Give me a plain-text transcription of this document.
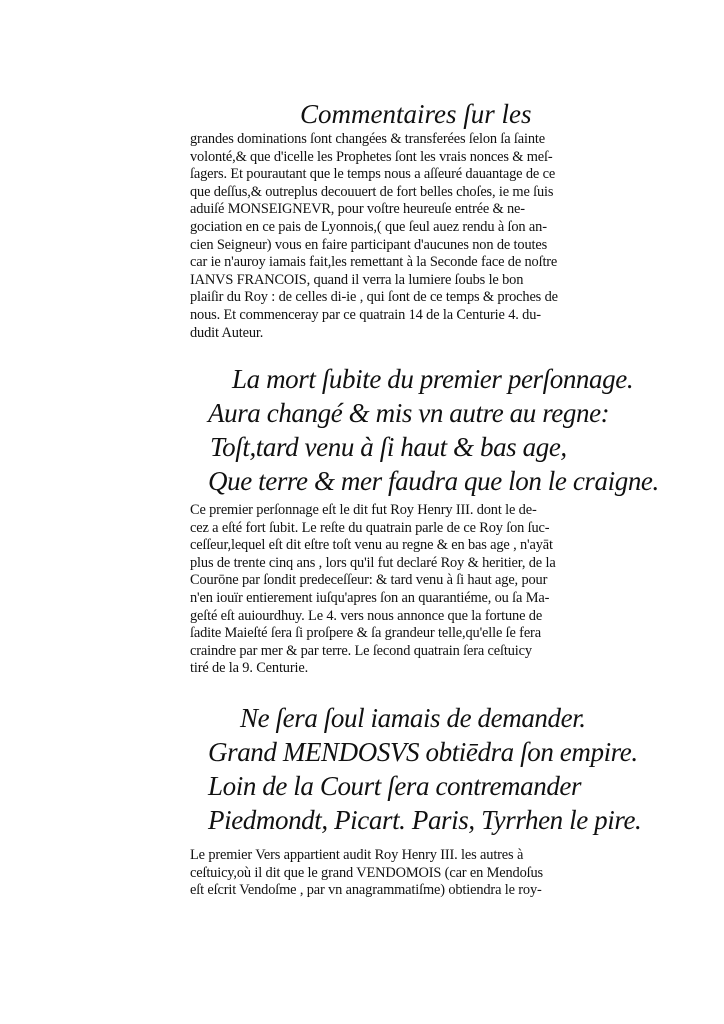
Commentaires ſur les
grandes dominations ſont changées & transferées ſelon ſa ſainte
volonté,& que d'icelle les Prophetes ſont les vrais nonces & meſ-
ſagers. Et pourautant que le temps nous a aſſeuré dauantage de ce
que deſſus,& outreplus decouuert de fort belles choſes, ie me ſuis
aduiſé MONSEIGNEVR, pour voſtre heureuſe entrée & ne-
gociation en ce pais de Lyonnois,( que ſeul auez rendu à ſon an-
cien Seigneur) vous en faire participant d'aucunes non de toutes
car ie n'auroy iamais fait,les remettant à la Seconde face de noſtre
IANVS FRANCOIS, quand il verra la lumiere ſoubs le bon
plaiſir du Roy : de celles di-ie , qui ſont de ce temps & proches de
nous. Et commenceray par ce quatrain 14 de la Centurie 4. du-
dudit Auteur.
La mort ſubite du premier perſonnage.
Aura changé & mis vn autre au regne:
Toſt,tard venu à ſi haut & bas age,
Que terre & mer faudra que lon le craigne.
Ce premier perſonnage eſt le dit fut Roy Henry III. dont le de-
cez a eſté fort ſubit. Le reſte du quatrain parle de ce Roy ſon ſuc-
ceſſeur,lequel eſt dit eſtre toſt venu au regne & en bas age , n'ayāt
plus de trente cinq ans , lors qu'il fut declaré Roy & heritier, de la
Courōne par ſondit predeceſſeur: & tard venu à ſi haut age, pour
n'en iouïr entierement iuſqu'apres ſon an quarantiéme, ou ſa Ma-
geſté eſt auiourdhuy. Le 4. vers nous annonce que la fortune de
ſadite Maieſté ſera ſi proſpere & ſa grandeur telle,qu'elle ſe fera
craindre par mer & par terre. Le ſecond quatrain ſera ceſtuicy
tiré de la 9. Centurie.
Ne ſera ſoul iamais de demander.
Grand MENDOSVS obtiēdra ſon empire.
Loin de la Court ſera contremander
Piedmondt, Picart. Paris, Tyrrhen le pire.
Le premier Vers appartient audit Roy Henry III. les autres à
ceſtuicy,où il dit que le grand VENDOMOIS (car en Mendoſus
eſt eſcrit Vendoſme , par vn anagrammatiſme) obtiendra le roy-
